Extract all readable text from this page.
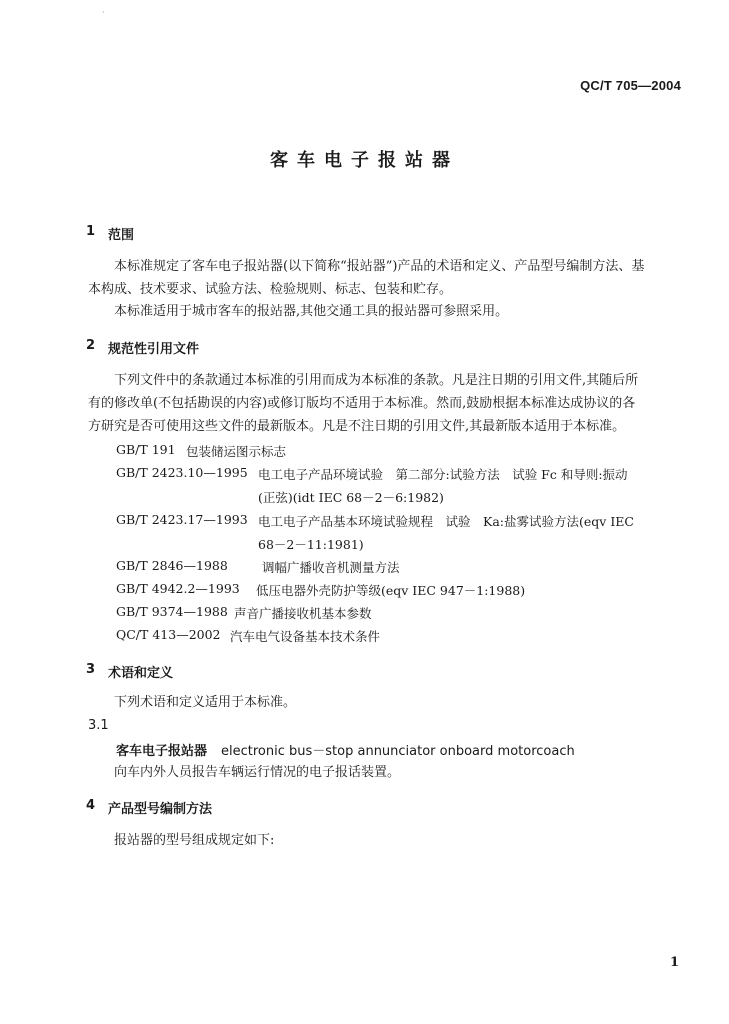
·
QC/T 705—2004
客车电子报站器
1 范围
本标准规定了客车电子报站器(以下简称“报站器”)产品的术语和定义、产品型号编制方法、基
本构成、技术要求、试验方法、检验规则、标志、包装和贮存。
本标准适用于城市客车的报站器,其他交通工具的报站器可参照采用。
2 规范性引用文件
下列文件中的条款通过本标准的引用而成为本标准的条款。凡是注日期的引用文件,其随后所
有的修改单(不包括勘误的内容)或修订版均不适用于本标准。然而,鼓励根据本标准达成协议的各
方研究是否可使用这些文件的最新版本。凡是不注日期的引用文件,其最新版本适用于本标准。
GB/T 191 包装储运图示标志
GB/T 2423.10—1995 电工电子产品环境试验　第二部分:试验方法　试验 Fc 和导则:振动
(正弦)(idt IEC 68－2－6:1982)
GB/T 2423.17—1993 电工电子产品基本环境试验规程　试验　Ka:盐雾试验方法(eqv IEC
68－2－11:1981)
GB/T 2846—1988	调幅广播收音机测量方法
GB/T 4942.2—1993 低压电器外壳防护等级(eqv IEC 947－1:1988)
GB/T 9374—1988 声音广播接收机基本参数
QC/T 413—2002 汽车电气设备基本技术条件
3 术语和定义
下列术语和定义适用于本标准。
3.1
客车电子报站器 electronic bus－stop annunciator onboard motorcoach
向车内外人员报告车辆运行情况的电子报话装置。
4 产品型号编制方法
报站器的型号组成规定如下:
1
